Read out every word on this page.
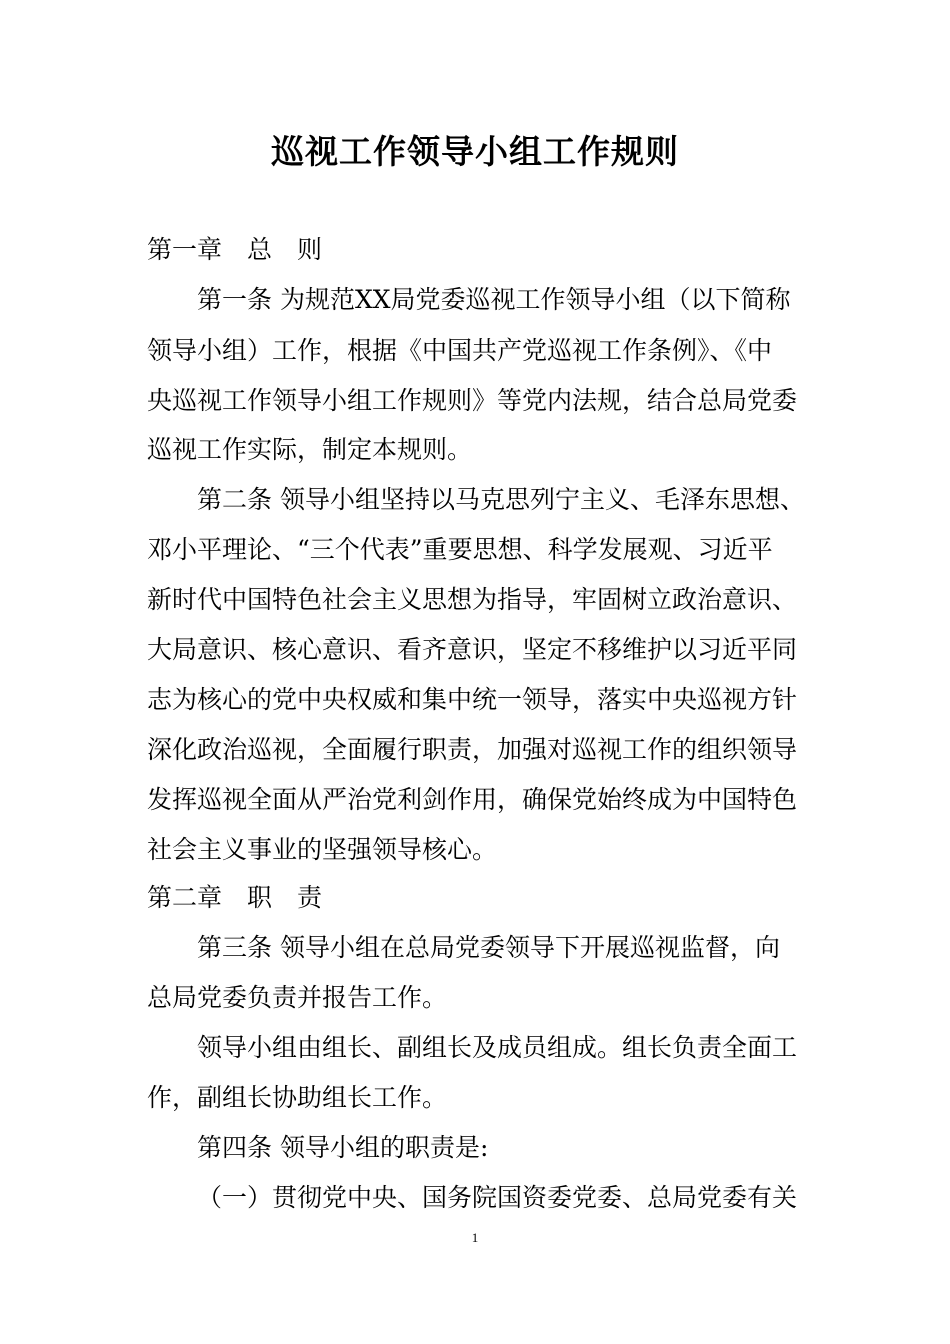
巡视工作领导小组工作规则

第一章　总　则

第一条 为规范XX局党委巡视工作领导小组（以下简称

领导小组）工作，根据《中国共产党巡视工作条例》、《中

央巡视工作领导小组工作规则》等党内法规，结合总局党委

巡视工作实际，制定本规则。

第二条 领导小组坚持以马克思列宁主义、毛泽东思想、

邓小平理论、“三个代表”重要思想、科学发展观、习近平

新时代中国特色社会主义思想为指导，牢固树立政治意识、

大局意识、核心意识、看齐意识，坚定不移维护以习近平同

志为核心的党中央权威和集中统一领导，落实中央巡视方针

深化政治巡视，全面履行职责，加强对巡视工作的组织领导

发挥巡视全面从严治党利剑作用，确保党始终成为中国特色

社会主义事业的坚强领导核心。

第二章　职　责

第三条 领导小组在总局党委领导下开展巡视监督，向

总局党委负责并报告工作。

领导小组由组长、副组长及成员组成。组长负责全面工

作，副组长协助组长工作。

第四条 领导小组的职责是:

（一）贯彻党中央、国务院国资委党委、总局党委有关

1
